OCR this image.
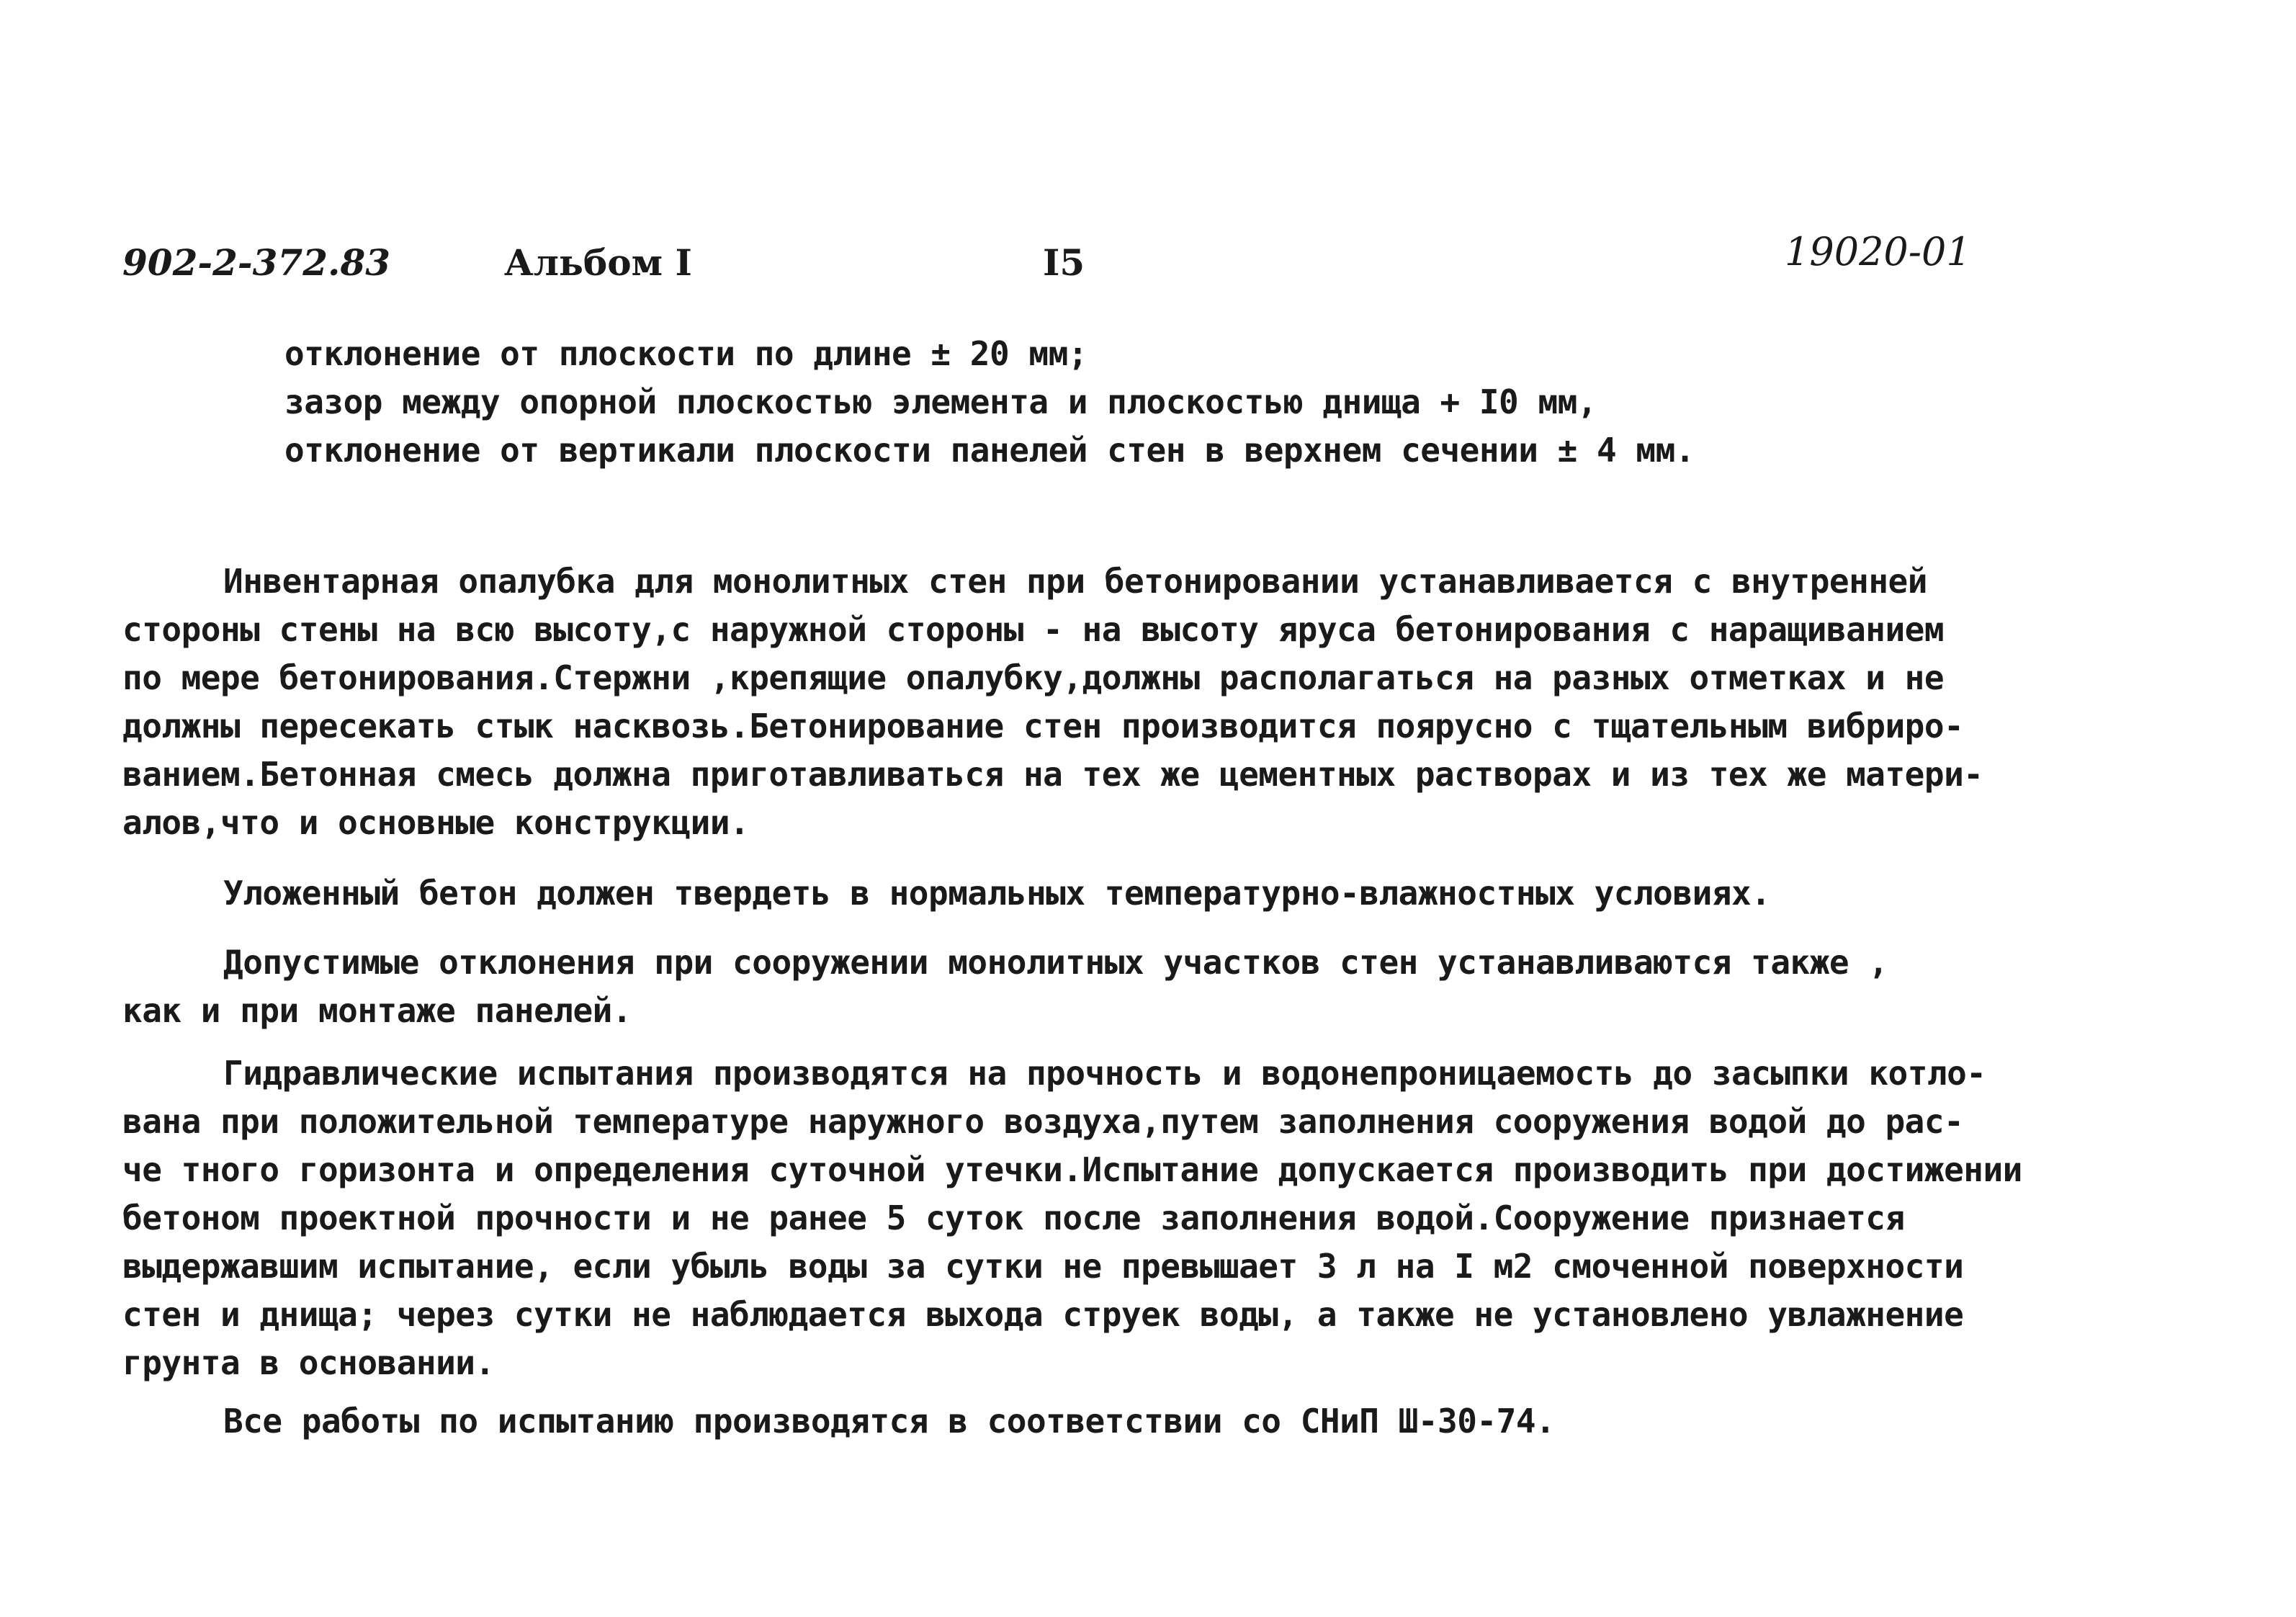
902-2-372.83	Альбом I	I5	19020-01
отклонение от плоскости по длине ± 20 мм;
зазор между опорной плоскостью элемента и плоскостью днища + I0 мм,
отклонение от вертикали плоскости панелей стен в верхнем сечении ± 4 мм.
Инвентарная опалубка для монолитных стен при бетонировании устанавливается с внутренней
стороны стены на всю высоту,с наружной стороны - на высоту яруса бетонирования с наращиванием
по мере бетонирования.Стержни ,крепящие опалубку,должны располагаться на разных отметках и не
должны пересекать стык насквозь.Бетонирование стен производится поярусно с тщательным вибриро-
ванием.Бетонная смесь должна приготавливаться на тех же цементных растворах и из тех же матери-
алов,что и основные конструкции.
Уложенный бетон должен твердеть в нормальных температурно-влажностных условиях.
Допустимые отклонения при сооружении монолитных участков стен устанавливаются также ,
как и при монтаже панелей.
Гидравлические испытания производятся на прочность и водонепроницаемость до засыпки котло-
вана при положительной температуре наружного воздуха,путем заполнения сооружения водой до рас-
че тного горизонта и определения суточной утечки.Испытание допускается производить при достижении
бетоном проектной прочности и не ранее 5 суток после заполнения водой.Сооружение признается
выдержавшим испытание, если убыль воды за сутки не превышает 3 л на I м2 смоченной поверхности
стен и днища; через сутки не наблюдается выхода струек воды, а также не установлено увлажнение
грунта в основании.
Все работы по испытанию производятся в соответствии со СНиП Ш-30-74.
